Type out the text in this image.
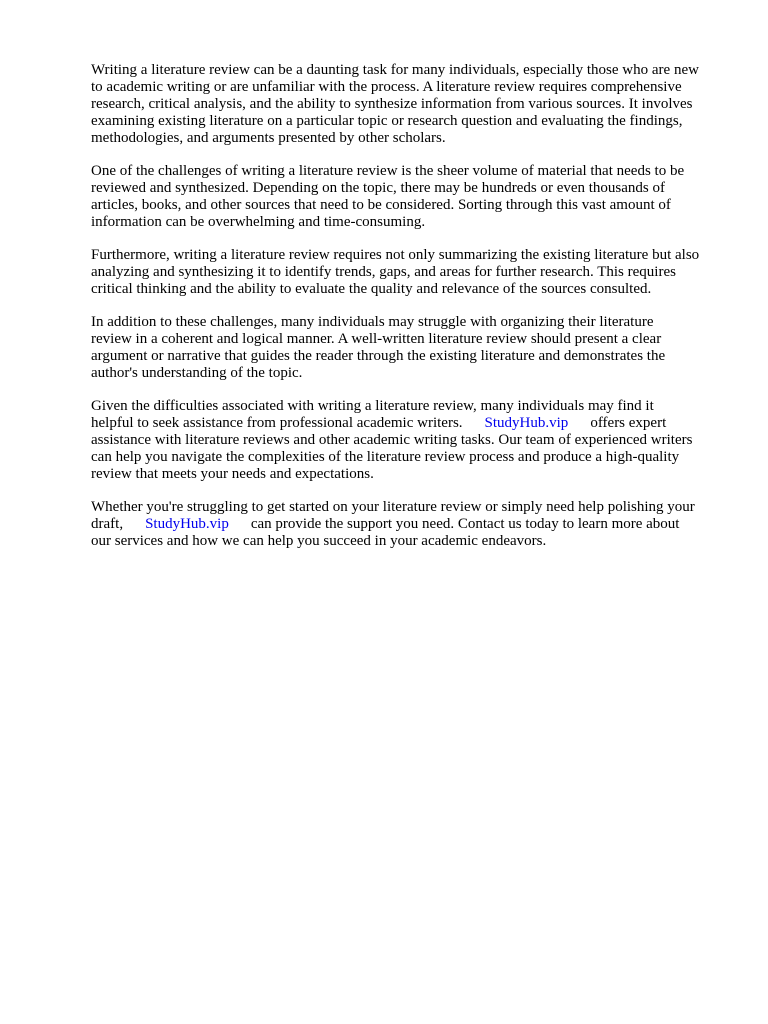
Writing a literature review can be a daunting task for many individuals, especially those who are new
to academic writing or are unfamiliar with the process. A literature review requires comprehensive
research, critical analysis, and the ability to synthesize information from various sources. It involves
examining existing literature on a particular topic or research question and evaluating the findings,
methodologies, and arguments presented by other scholars.

One of the challenges of writing a literature review is the sheer volume of material that needs to be
reviewed and synthesized. Depending on the topic, there may be hundreds or even thousands of
articles, books, and other sources that need to be considered. Sorting through this vast amount of
information can be overwhelming and time-consuming.

Furthermore, writing a literature review requires not only summarizing the existing literature but also
analyzing and synthesizing it to identify trends, gaps, and areas for further research. This requires
critical thinking and the ability to evaluate the quality and relevance of the sources consulted.

In addition to these challenges, many individuals may struggle with organizing their literature
review in a coherent and logical manner. A well-written literature review should present a clear
argument or narrative that guides the reader through the existing literature and demonstrates the
author's understanding of the topic.

Given the difficulties associated with writing a literature review, many individuals may find it
helpful to seek assistance from professional academic writers. StudyHub.vip offers expert
assistance with literature reviews and other academic writing tasks. Our team of experienced writers
can help you navigate the complexities of the literature review process and produce a high-quality
review that meets your needs and expectations.

Whether you're struggling to get started on your literature review or simply need help polishing your
draft, StudyHub.vip can provide the support you need. Contact us today to learn more about
our services and how we can help you succeed in your academic endeavors.
